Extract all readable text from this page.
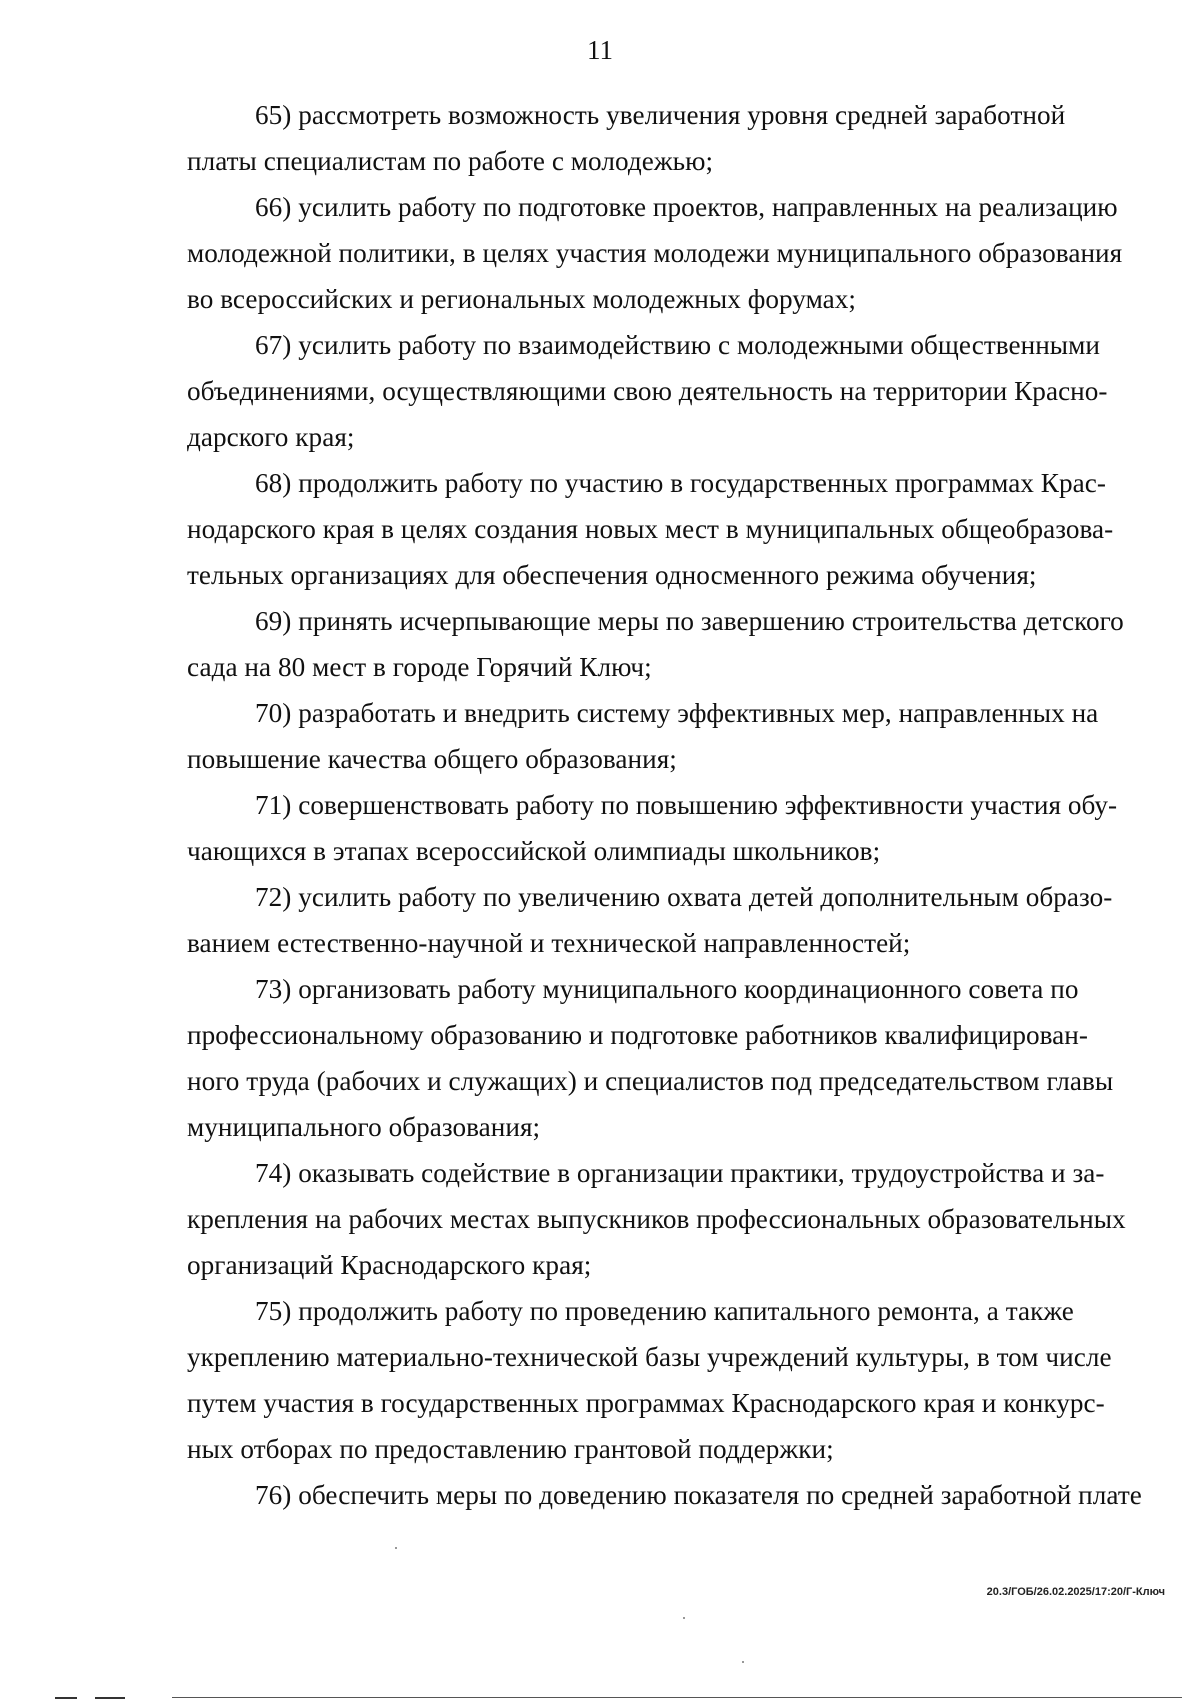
11

65) рассмотреть возможность увеличения уровня средней заработной
платы специалистам по работе с молодежью;

66) усилить работу по подготовке проектов, направленных на реализацию
молодежной политики, в целях участия молодежи муниципального образования
во всероссийских и региональных молодежных форумах;

67) усилить работу по взаимодействию с молодежными общественными
объединениями, осуществляющими свою деятельность на территории Красно-
дарского края;

68) продолжить работу по участию в государственных программах Крас-
нодарского края в целях создания новых мест в муниципальных общеобразова-
тельных организациях для обеспечения односменного режима обучения;

69) принять исчерпывающие меры по завершению строительства детского
сада на 80 мест в городе Горячий Ключ;

70) разработать и внедрить систему эффективных мер, направленных на
повышение качества общего образования;

71) совершенствовать работу по повышению эффективности участия обу-
чающихся в этапах всероссийской олимпиады школьников;

72) усилить работу по увеличению охвата детей дополнительным образо-
ванием естественно-научной и технической направленностей;

73) организовать работу муниципального координационного совета по
профессиональному образованию и подготовке работников квалифицирован-
ного труда (рабочих и служащих) и специалистов под председательством главы
муниципального образования;

74) оказывать содействие в организации практики, трудоустройства и за-
крепления на рабочих местах выпускников профессиональных образовательных
организаций Краснодарского края;

75) продолжить работу по проведению капитального ремонта, а также
укреплению материально-технической базы учреждений культуры, в том числе
путем участия в государственных программах Краснодарского края и конкурс-
ных отборах по предоставлению грантовой поддержки;

76) обеспечить меры по доведению показателя по средней заработной плате

20.3/ГОБ/26.02.2025/17:20/Г-Ключ
